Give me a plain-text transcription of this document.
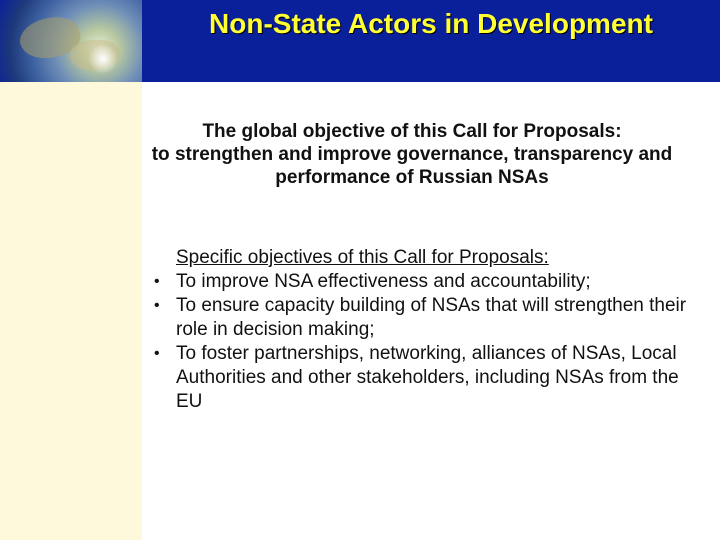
Non-State Actors in Development
The global objective of this Call for Proposals:
to strengthen and improve governance, transparency and performance of Russian NSAs
Specific objectives of this Call for Proposals:
• To improve NSA effectiveness and accountability;
• To ensure capacity building of NSAs that will strengthen their role in decision making;
• To foster partnerships, networking, alliances of NSAs, Local Authorities and other stakeholders, including NSAs from the EU
